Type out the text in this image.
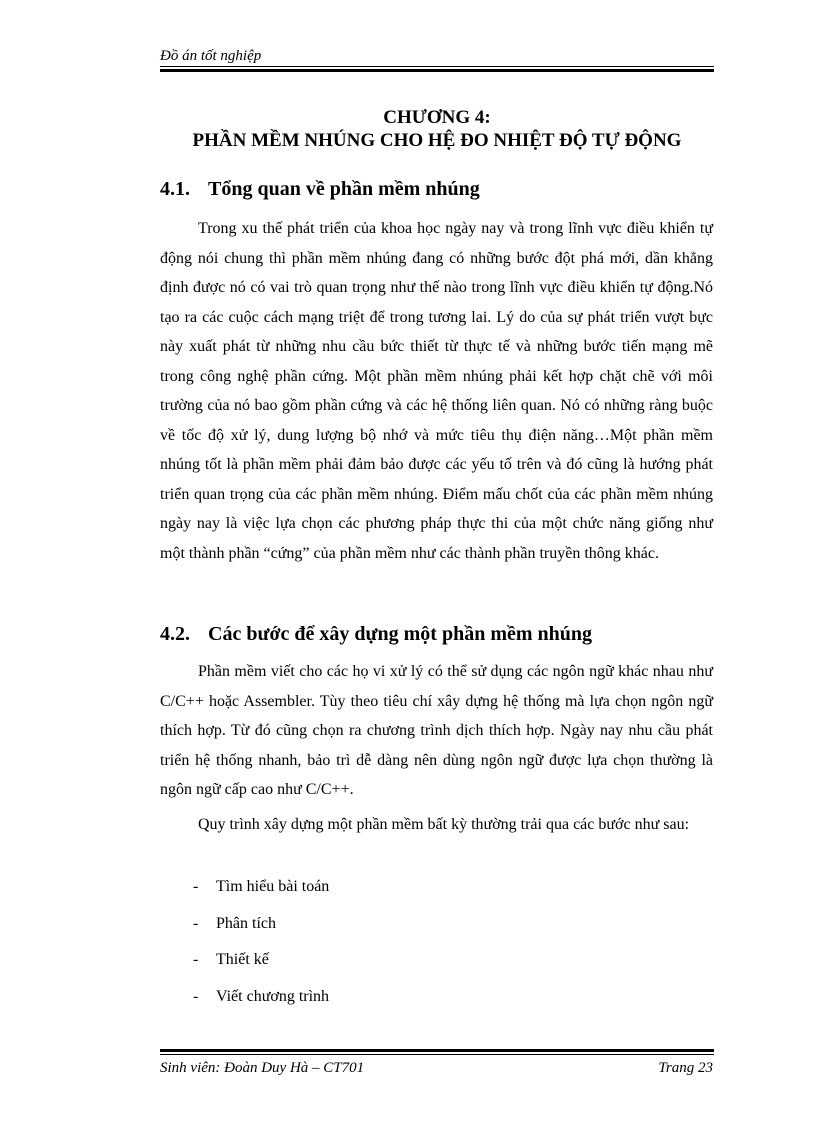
Đồ án tốt nghiệp
CHƯƠNG 4:
PHẦN MỀM NHÚNG CHO HỆ ĐO NHIỆT ĐỘ TỰ ĐỘNG
4.1. Tổng quan về phần mềm nhúng

Trong xu thế phát triển của khoa học ngày nay và trong lĩnh vực điều khiển tự động nói chung thì phần mềm nhúng đang có những bước đột phá mới, dần khẳng định được nó có vai trò quan trọng như thế nào trong lĩnh vực điều khiển tự động.Nó tạo ra các cuộc cách mạng triệt để trong tương lai. Lý do của sự phát triển vượt bực này xuất phát từ những nhu cầu bức thiết từ thực tế và những bước tiến mạng mẽ trong công nghệ phần cứng. Một phần mềm nhúng phải kết hợp chặt chẽ với môi trường của nó bao gồm phần cứng và các hệ thống liên quan. Nó có những ràng buộc về tốc độ xử lý, dung lượng bộ nhớ và mức tiêu thụ điện năng…Một phần mềm nhúng tốt là phần mềm phải đảm bảo được các yếu tố trên và đó cũng là hướng phát triển quan trọng của các phần mềm nhúng. Điểm mấu chốt của các phần mềm nhúng ngày nay là việc lựa chọn các phương pháp thực thi của một chức năng giống như một thành phần “cứng” của phần mềm như các thành phần truyền thông khác.

4.2. Các bước để xây dựng một phần mềm nhúng

Phần mềm viết cho các họ vi xử lý có thể sử dụng các ngôn ngữ khác nhau như C/C++ hoặc Assembler. Tùy theo tiêu chí xây dựng hệ thống mà lựa chọn ngôn ngữ thích hợp. Từ đó cũng chọn ra chương trình dịch thích hợp. Ngày nay nhu cầu phát triển hệ thống nhanh, bảo trì dễ dàng nên dùng ngôn ngữ được lựa chọn thường là ngôn ngữ cấp cao như C/C++.

Quy trình xây dựng một phần mềm bất kỳ thường trải qua các bước như sau:

- Tìm hiểu bài toán
- Phân tích
- Thiết kế
- Viết chương trình
Sinh viên: Đoàn Duy Hà – CT701	Trang 23
